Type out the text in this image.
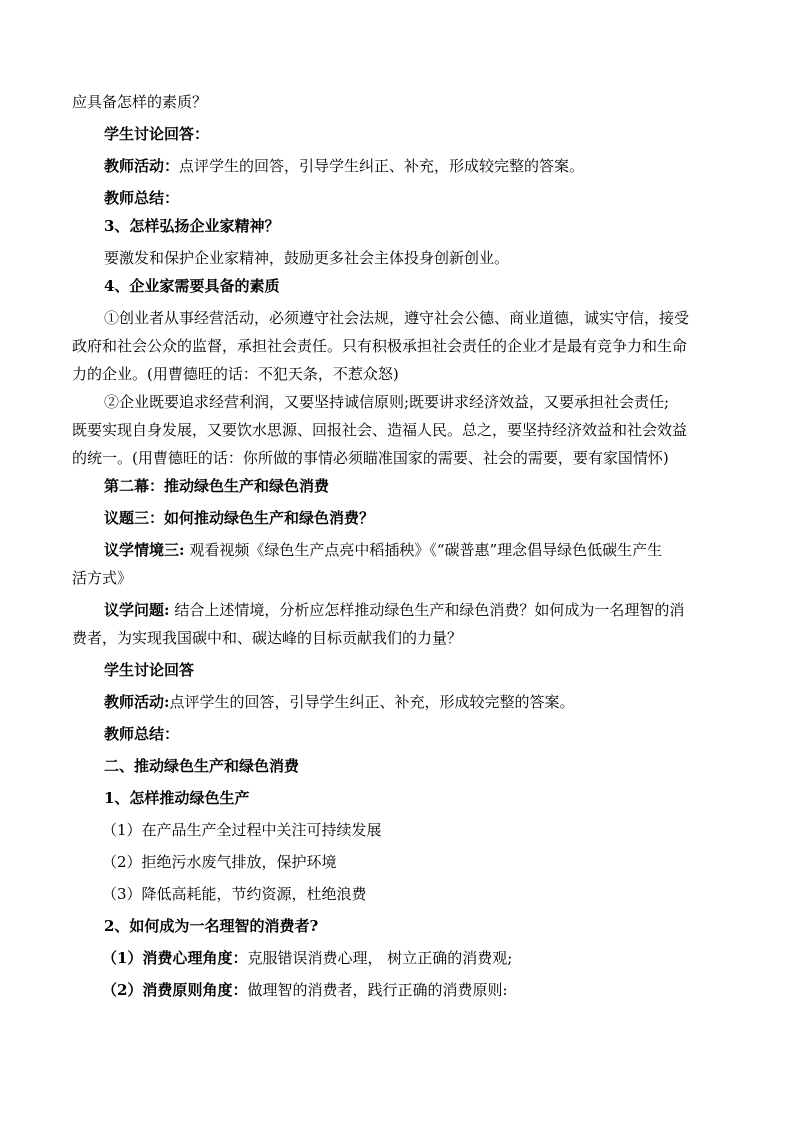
应具备怎样的素质？
学生讨论回答：
教师活动：点评学生的回答，引导学生纠正、补充，形成较完整的答案。
教师总结：
3、怎样弘扬企业家精神？
要激发和保护企业家精神，鼓励更多社会主体投身创新创业。
4、企业家需要具备的素质
①创业者从事经营活动，必须遵守社会法规，遵守社会公德、商业道德，诚实守信，接受
政府和社会公众的监督，承担社会责任。只有积极承担社会责任的企业才是最有竞争力和生命
力的企业。(用曹德旺的话：不犯天条，不惹众怒)
②企业既要追求经营利润，又要坚持诚信原则;既要讲求经济效益，又要承担社会责任;
既要实现自身发展，又要饮水思源、回报社会、造福人民。总之，要坚持经济效益和社会效益
的统一。(用曹德旺的话：你所做的事情必须瞄准国家的需要、社会的需要，要有家国情怀)
第二幕：推动绿色生产和绿色消费
议题三：如何推动绿色生产和绿色消费？
议学情境三: 观看视频《绿色生产点亮中稻插秧》《“碳普惠”理念倡导绿色低碳生产生
活方式》
议学问题: 结合上述情境，分析应怎样推动绿色生产和绿色消费？如何成为一名理智的消
费者，为实现我国碳中和、碳达峰的目标贡献我们的力量？
学生讨论回答
教师活动:点评学生的回答，引导学生纠正、补充，形成较完整的答案。
教师总结：
二、推动绿色生产和绿色消费
1、怎样推动绿色生产
（1）在产品生产全过程中关注可持续发展
（2）拒绝污水废气排放，保护环境
（3）降低高耗能，节约资源，杜绝浪费
2、如何成为一名理智的消费者?
（1）消费心理角度：克服错误消费心理， 树立正确的消费观;
（2）消费原则角度：做理智的消费者，践行正确的消费原则:
